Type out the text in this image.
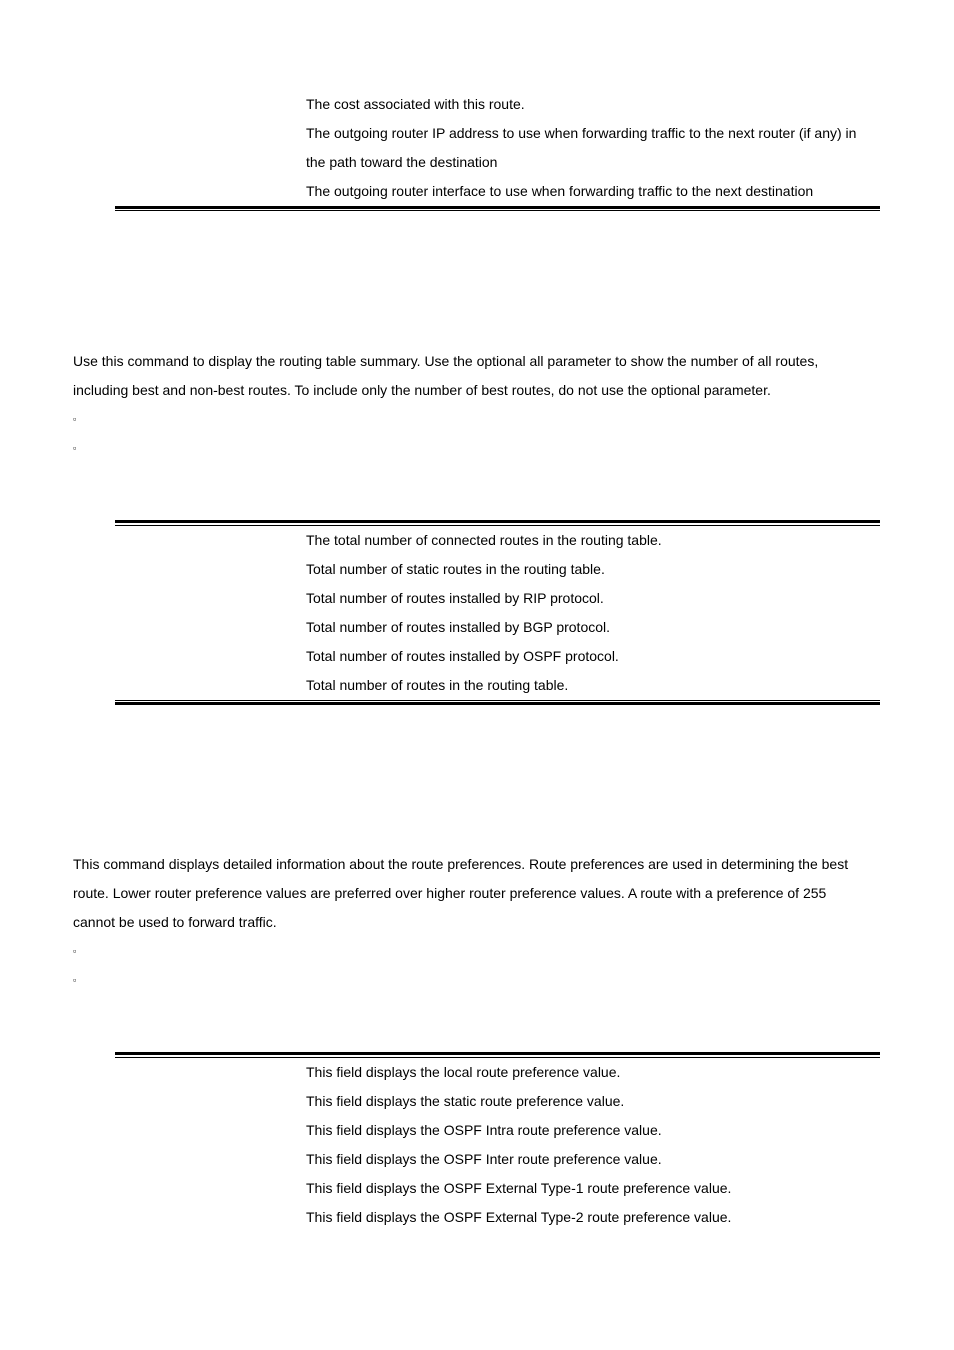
The cost associated with this route.
The outgoing router IP address to use when forwarding traffic to the next router (if any) in
the path toward the destination
The outgoing router interface to use when forwarding traffic to the next destination
Use this command to display the routing table summary. Use the optional all parameter to show the number of all routes,
including best and non-best routes. To include only the number of best routes, do not use the optional parameter.
▫
▫
The total number of connected routes in the routing table.
Total number of static routes in the routing table.
Total number of routes installed by RIP protocol.
Total number of routes installed by BGP protocol.
Total number of routes installed by OSPF protocol.
Total number of routes in the routing table.
This command displays detailed information about the route preferences. Route preferences are used in determining the best
route. Lower router preference values are preferred over higher router preference values. A route with a preference of 255
cannot be used to forward traffic.
▫
▫
This field displays the local route preference value.
This field displays the static route preference value.
This field displays the OSPF Intra route preference value.
This field displays the OSPF Inter route preference value.
This field displays the OSPF External Type-1 route preference value.
This field displays the OSPF External Type-2 route preference value.
